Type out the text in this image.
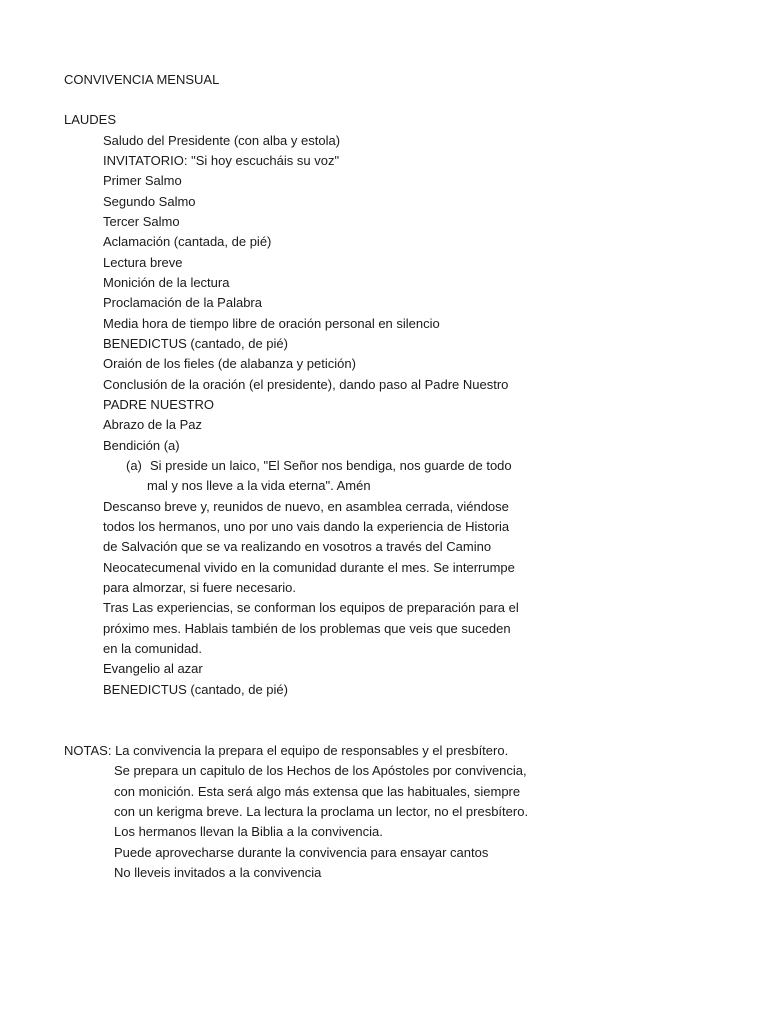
CONVIVENCIA MENSUAL
LAUDES
Saludo del Presidente (con alba y estola)
INVITATORIO: "Si hoy escucháis su voz"
Primer Salmo
Segundo Salmo
Tercer Salmo
Aclamación (cantada, de pié)
Lectura breve
Monición de la lectura
Proclamación de la Palabra
Media hora de tiempo libre de oración personal en silencio
BENEDICTUS (cantado, de pié)
Oraión de los fieles (de alabanza y petición)
Conclusión de la oración (el presidente), dando paso al Padre Nuestro
PADRE NUESTRO
Abrazo de la Paz
Bendición (a)
(a) Si preside un laico, "El Señor nos bendiga, nos guarde de todo
mal y nos lleve a la vida eterna". Amén
Descanso breve y, reunidos de nuevo, en asamblea cerrada, viéndose
todos los hermanos, uno por uno vais dando la experiencia de Historia
de Salvación que se va realizando en vosotros a través del Camino
Neocatecumenal vivido en la comunidad durante el mes. Se interrumpe
para almorzar, si fuere necesario.
Tras Las experiencias, se conforman los equipos de preparación para el
próximo mes. Hablais también de los problemas que veis que suceden
en la comunidad.
Evangelio al azar
BENEDICTUS (cantado, de pié)
NOTAS: La convivencia la prepara el equipo de responsables y el presbítero.
Se prepara un capitulo de los Hechos de los Apóstoles por convivencia,
con monición. Esta será algo más extensa que las habituales, siempre
con un kerigma breve. La lectura la proclama un lector, no el presbítero.
Los hermanos llevan la Biblia a la convivencia.
Puede aprovecharse durante la convivencia para ensayar cantos
No lleveis invitados a la convivencia
